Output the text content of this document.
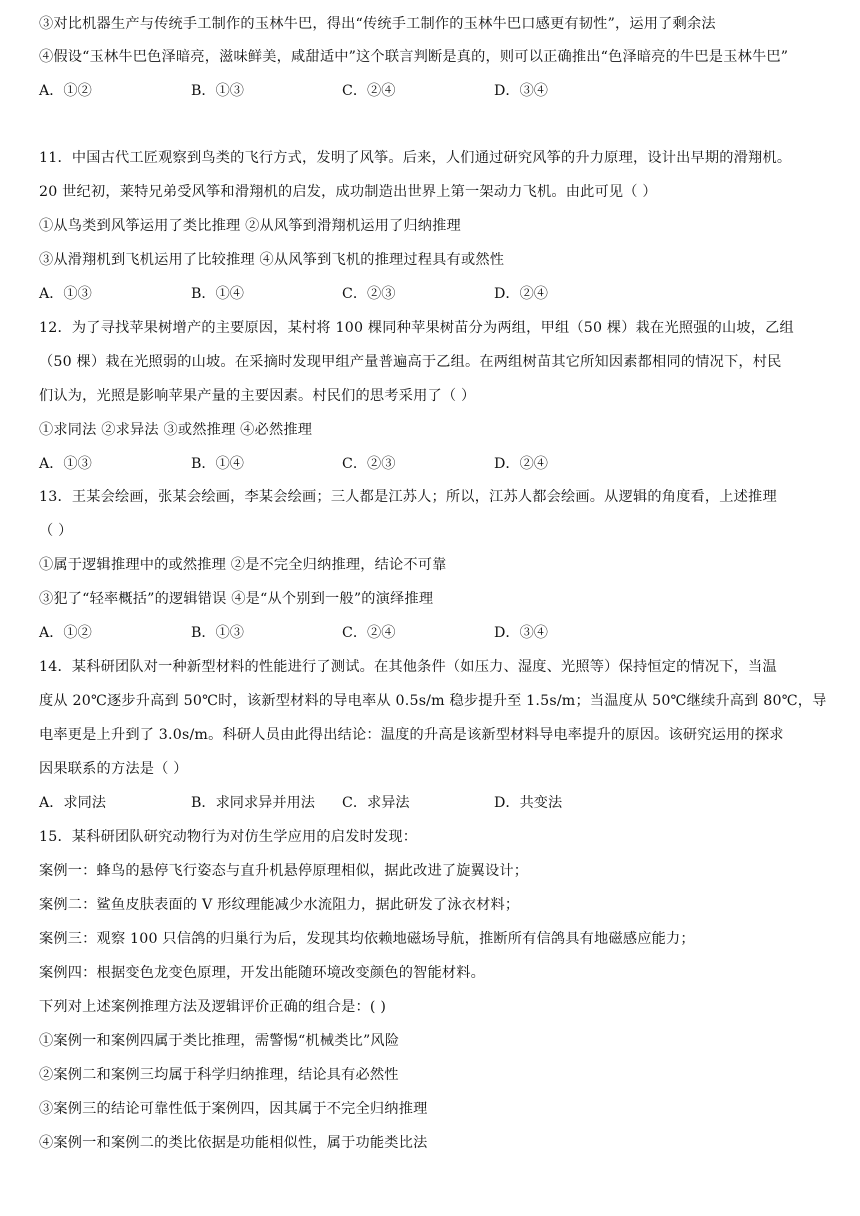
③对比机器生产与传统手工制作的玉林牛巴，得出“传统手工制作的玉林牛巴口感更有韧性”，运用了剩余法
④假设“玉林牛巴色泽暗亮，滋味鲜美，咸甜适中”这个联言判断是真的，则可以正确推出“色泽暗亮的牛巴是玉林牛巴”
A．①②	B．①③	C．②④	D．③④
11．中国古代工匠观察到鸟类的飞行方式，发明了风筝。后来，人们通过研究风筝的升力原理，设计出早期的滑翔机。
20 世纪初，莱特兄弟受风筝和滑翔机的启发，成功制造出世界上第一架动力飞机。由此可见（ ）
①从鸟类到风筝运用了类比推理 ②从风筝到滑翔机运用了归纳推理
③从滑翔机到飞机运用了比较推理 ④从风筝到飞机的推理过程具有或然性
A．①③	B．①④	C．②③	D．②④
12．为了寻找苹果树增产的主要原因，某村将 100 棵同种苹果树苗分为两组，甲组（50 棵）栽在光照强的山坡，乙组
（50 棵）栽在光照弱的山坡。在采摘时发现甲组产量普遍高于乙组。在两组树苗其它所知因素都相同的情况下，村民
们认为，光照是影响苹果产量的主要因素。村民们的思考采用了（ ）
①求同法 ②求异法 ③或然推理 ④必然推理
A．①③	B．①④	C．②③	D．②④
13．王某会绘画，张某会绘画，李某会绘画；三人都是江苏人；所以，江苏人都会绘画。从逻辑的角度看，上述推理
（ ）
①属于逻辑推理中的或然推理 ②是不完全归纳推理，结论不可靠
③犯了“轻率概括”的逻辑错误 ④是“从个别到一般”的演绎推理
A．①②	B．①③	C．②④	D．③④
14．某科研团队对一种新型材料的性能进行了测试。在其他条件（如压力、湿度、光照等）保持恒定的情况下，当温
度从 20℃逐步升高到 50℃时，该新型材料的导电率从 0.5s/m 稳步提升至 1.5s/m；当温度从 50℃继续升高到 80℃，导
电率更是上升到了 3.0s/m。科研人员由此得出结论：温度的升高是该新型材料导电率提升的原因。该研究运用的探求
因果联系的方法是（ ）
A．求同法	B．求同求异并用法 C．求异法	D．共变法
15．某科研团队研究动物行为对仿生学应用的启发时发现：
案例一：蜂鸟的悬停飞行姿态与直升机悬停原理相似，据此改进了旋翼设计；
案例二：鲨鱼皮肤表面的 V 形纹理能减少水流阻力，据此研发了泳衣材料；
案例三：观察 100 只信鸽的归巢行为后，发现其均依赖地磁场导航，推断所有信鸽具有地磁感应能力；
案例四：根据变色龙变色原理，开发出能随环境改变颜色的智能材料。
下列对上述案例推理方法及逻辑评价正确的组合是：( )
①案例一和案例四属于类比推理，需警惕“机械类比”风险
②案例二和案例三均属于科学归纳推理，结论具有必然性
③案例三的结论可靠性低于案例四，因其属于不完全归纳推理
④案例一和案例二的类比依据是功能相似性，属于功能类比法
